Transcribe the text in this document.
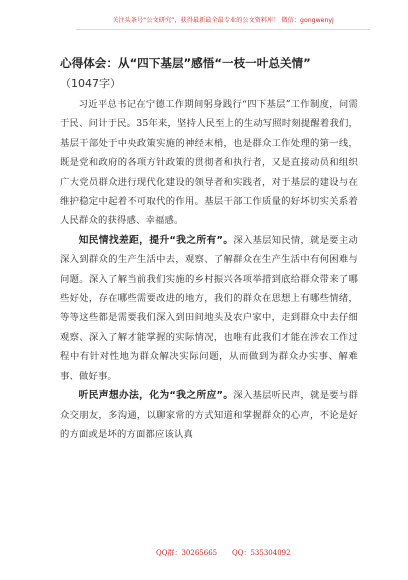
关注头条号“公文研究”，获得最新最全最专业的公文资料库！ 微信：gongwenyj
心得体会：从“四下基层”感悟“一枝一叶总关情”
（1047字）

习近平总书记在宁德工作期间躬身践行“四下基层”工作制度，问需于民、问计于民。35年来，坚持人民至上的生动写照时刻提醒着我们，基层干部处于中央政策实施的神经末梢，也是群众工作处理的第一线，既是党和政府的各项方针政策的贯彻者和执行者，又是直接动员和组织广大党员群众进行现代化建设的领导者和实践者，对于基层的建设与在维护稳定中起着不可取代的作用。基层干部工作质量的好坏切实关系着人民群众的获得感、幸福感。

知民情找差距，提升“我之所有”。深入基层知民情，就是要主动深入到群众的生产生活中去，观察、了解群众在生产生活中有何困难与问题。深入了解当前我们实施的乡村振兴各项举措到底给群众带来了哪些好处，存在哪些需要改进的地方，我们的群众在思想上有哪些情绪，等等这些都是需要我们深入到田间地头及农户家中，走到群众中去仔细观察、深入了解才能掌握的实际情况，也唯有此我们才能在涉农工作过程中有针对性地为群众解决实际问题，从而做到为群众办实事、解难事、做好事。

听民声想办法，化为“我之所应”。深入基层听民声，就是要与群众交朋友，多沟通，以聊家常的方式知道和掌握群众的心声，不论是好的方面或是坏的方面都应该认真

QQ群：30265665 QQ：535304092
